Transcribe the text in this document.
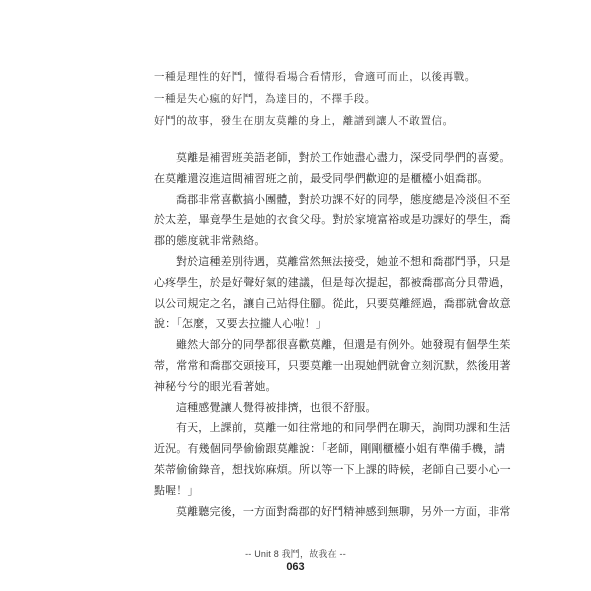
一種是理性的好鬥，懂得看場合看情形，會適可而止，以後再戰。
一種是失心瘋的好鬥，為達目的，不擇手段。
好鬥的故事，發生在朋友莫離的身上，離譜到讓人不敢置信。
莫離是補習班美語老師，對於工作她盡心盡力，深受同學們的喜愛。
在莫離還沒進這間補習班之前，最受同學們歡迎的是櫃檯小姐喬郡。
喬郡非常喜歡搞小團體，對於功課不好的同學，態度總是冷淡但不至
於太差，畢竟學生是她的衣食父母。對於家境富裕或是功課好的學生，喬
郡的態度就非常熱絡。
對於這種差別待遇，莫離當然無法接受，她並不想和喬郡鬥爭，只是
心疼學生，於是好聲好氣的建議，但是每次提起，都被喬郡高分貝帶過，
以公司規定之名，讓自己站得住腳。從此，只要莫離經過，喬郡就會故意
說：「怎麼，又要去拉攏人心啦！」
雖然大部分的同學都很喜歡莫離，但還是有例外。她發現有個學生茱
蒂，常常和喬郡交頭接耳，只要莫離一出現她們就會立刻沉默，然後用著
神秘兮兮的眼光看著她。
這種感覺讓人覺得被排擠，也很不舒服。
有天，上課前，莫離一如往常地的和同學們在聊天，詢問功課和生活
近況。有幾個同學偷偷跟莫離說：「老師，剛剛櫃檯小姐有準備手機，請
茱蒂偷偷錄音，想找妳麻煩。所以等一下上課的時候，老師自己要小心一
點喔！」
莫離聽完後，一方面對喬郡的好鬥精神感到無聊，另外一方面，非常
-- Unit 8 我鬥，故我在 --
063
